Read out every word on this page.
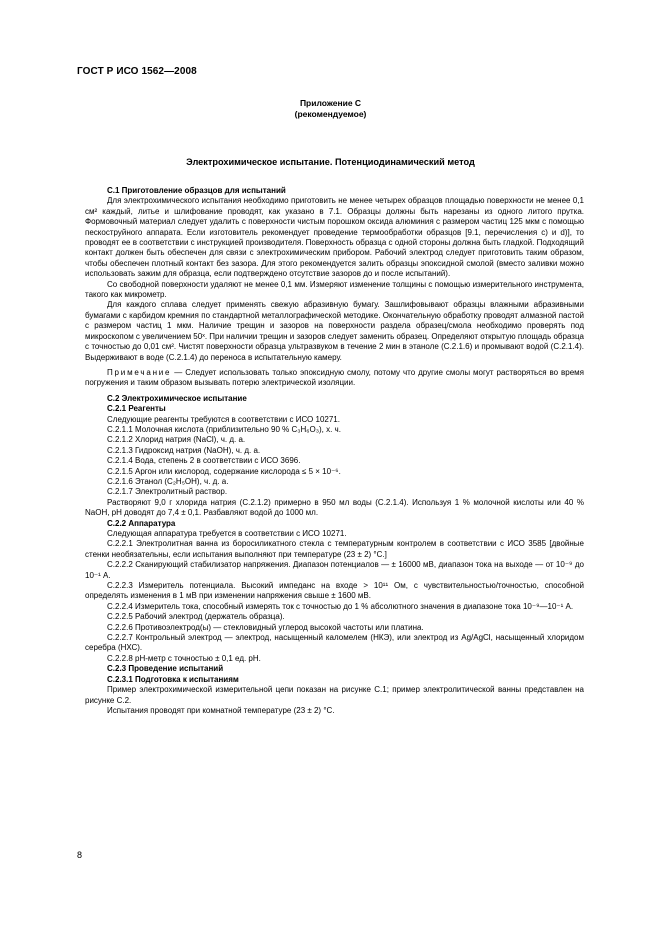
ГОСТ Р ИСО 1562—2008
Приложение С
(рекомендуемое)
Электрохимическое испытание. Потенциодинамический метод

С.1 Приготовление образцов для испытаний

Для электрохимического испытания необходимо приготовить не менее четырех образцов площадью поверхности не менее 0,1 см² каждый, литье и шлифование проводят, как указано в 7.1. Образцы должны быть нарезаны из одного литого прутка. Формовочный материал следует удалить с поверхности чистым порошком оксида алюминия с размером частиц 125 мкм с помощью пескоструйного аппарата. Если изготовитель рекомендует проведение термообработки образцов [9.1, перечисления с) и d)], то проводят ее в соответствии с инструкцией производителя. Поверхность образца с одной стороны должна быть гладкой. Подходящий контакт должен быть обеспечен для связи с электрохимическим прибором. Рабочий электрод следует приготовить таким образом, чтобы обеспечен плотный контакт без зазора. Для этого рекомендуется залить образцы эпоксидной смолой (вместо заливки можно использовать зажим для образца, если подтверждено отсутствие зазоров до и после испытаний).

Со свободной поверхности удаляют не менее 0,1 мм. Измеряют изменение толщины с помощью измерительного инструмента, такого как микрометр.

Для каждого сплава следует применять свежую абразивную бумагу. Зашлифовывают образцы влажными абразивными бумагами с карбидом кремния по стандартной металлографической методике. Окончательную обработку проводят алмазной пастой с размером частиц 1 мкм. Наличие трещин и зазоров на поверхности раздела образец/смола необходимо проверять под микроскопом с увеличением 50ˣ. При наличии трещин и зазоров следует заменить образец. Определяют открытую площадь образца с точностью до 0,01 см². Чистят поверхности образца ультразвуком в течение 2 мин в этаноле (С.2.1.6) и промывают водой (С.2.1.4). Выдерживают в воде (С.2.1.4) до переноса в испытательную камеру.

Примечание — Следует использовать только эпоксидную смолу, потому что другие смолы могут растворяться во время погружения и таким образом вызывать потерю электрической изоляции.

С.2 Электрохимическое испытание

С.2.1 Реагенты

Следующие реагенты требуются в соответствии с ИСО 10271.

С.2.1.1 Молочная кислота (приблизительно 90 % C₃H₆O₃), х. ч.

С.2.1.2 Хлорид натрия (NaCl), ч. д. а.

С.2.1.3 Гидроксид натрия (NaOH), ч. д. а.

С.2.1.4 Вода, степень 2 в соответствии с ИСО 3696.

С.2.1.5 Аргон или кислород, содержание кислорода ≤ 5 × 10⁻⁶.

С.2.1.6 Этанол (C₂H₅OH), ч. д. а.

С.2.1.7 Электролитный раствор.

Растворяют 9,0 г хлорида натрия (С.2.1.2) примерно в 950 мл воды (С.2.1.4). Используя 1 % молочной кислоты или 40 % NaOH, pH доводят до 7,4 ± 0,1. Разбавляют водой до 1000 мл.

С.2.2 Аппаратура

Следующая аппаратура требуется в соответствии с ИСО 10271.

С.2.2.1 Электролитная ванна из боросиликатного стекла с температурным контролем в соответствии с ИСО 3585 [двойные стенки необязательны, если испытания выполняют при температуре (23 ± 2) °С.]

С.2.2.2 Сканирующий стабилизатор напряжения. Диапазон потенциалов — ± 16000 мВ, диапазон тока на выходе — от 10⁻⁹ до 10⁻¹ А.

С.2.2.3 Измеритель потенциала. Высокий импеданс на входе > 10¹¹ Ом, с чувствительностью/точностью, способной определять изменения в 1 мВ при изменении напряжения свыше ± 1600 мВ.

С.2.2.4 Измеритель тока, способный измерять ток с точностью до 1 % абсолютного значения в диапазоне тока 10⁻⁹—10⁻¹ А.

С.2.2.5 Рабочий электрод (держатель образца).

С.2.2.6 Противоэлектрод(ы) — стекловидный углерод высокой частоты или платина.

С.2.2.7 Контрольный электрод — электрод, насыщенный каломелем (НКЭ), или электрод из Ag/AgCl, насыщенный хлоридом серебра (НХС).

С.2.2.8 pH-метр с точностью ± 0,1 ед. pH.

С.2.3 Проведение испытаний

С.2.3.1 Подготовка к испытаниям

Пример электрохимической измерительной цепи показан на рисунке С.1; пример электролитической ванны представлен на рисунке С.2.

Испытания проводят при комнатной температуре (23 ± 2) °С.

8
